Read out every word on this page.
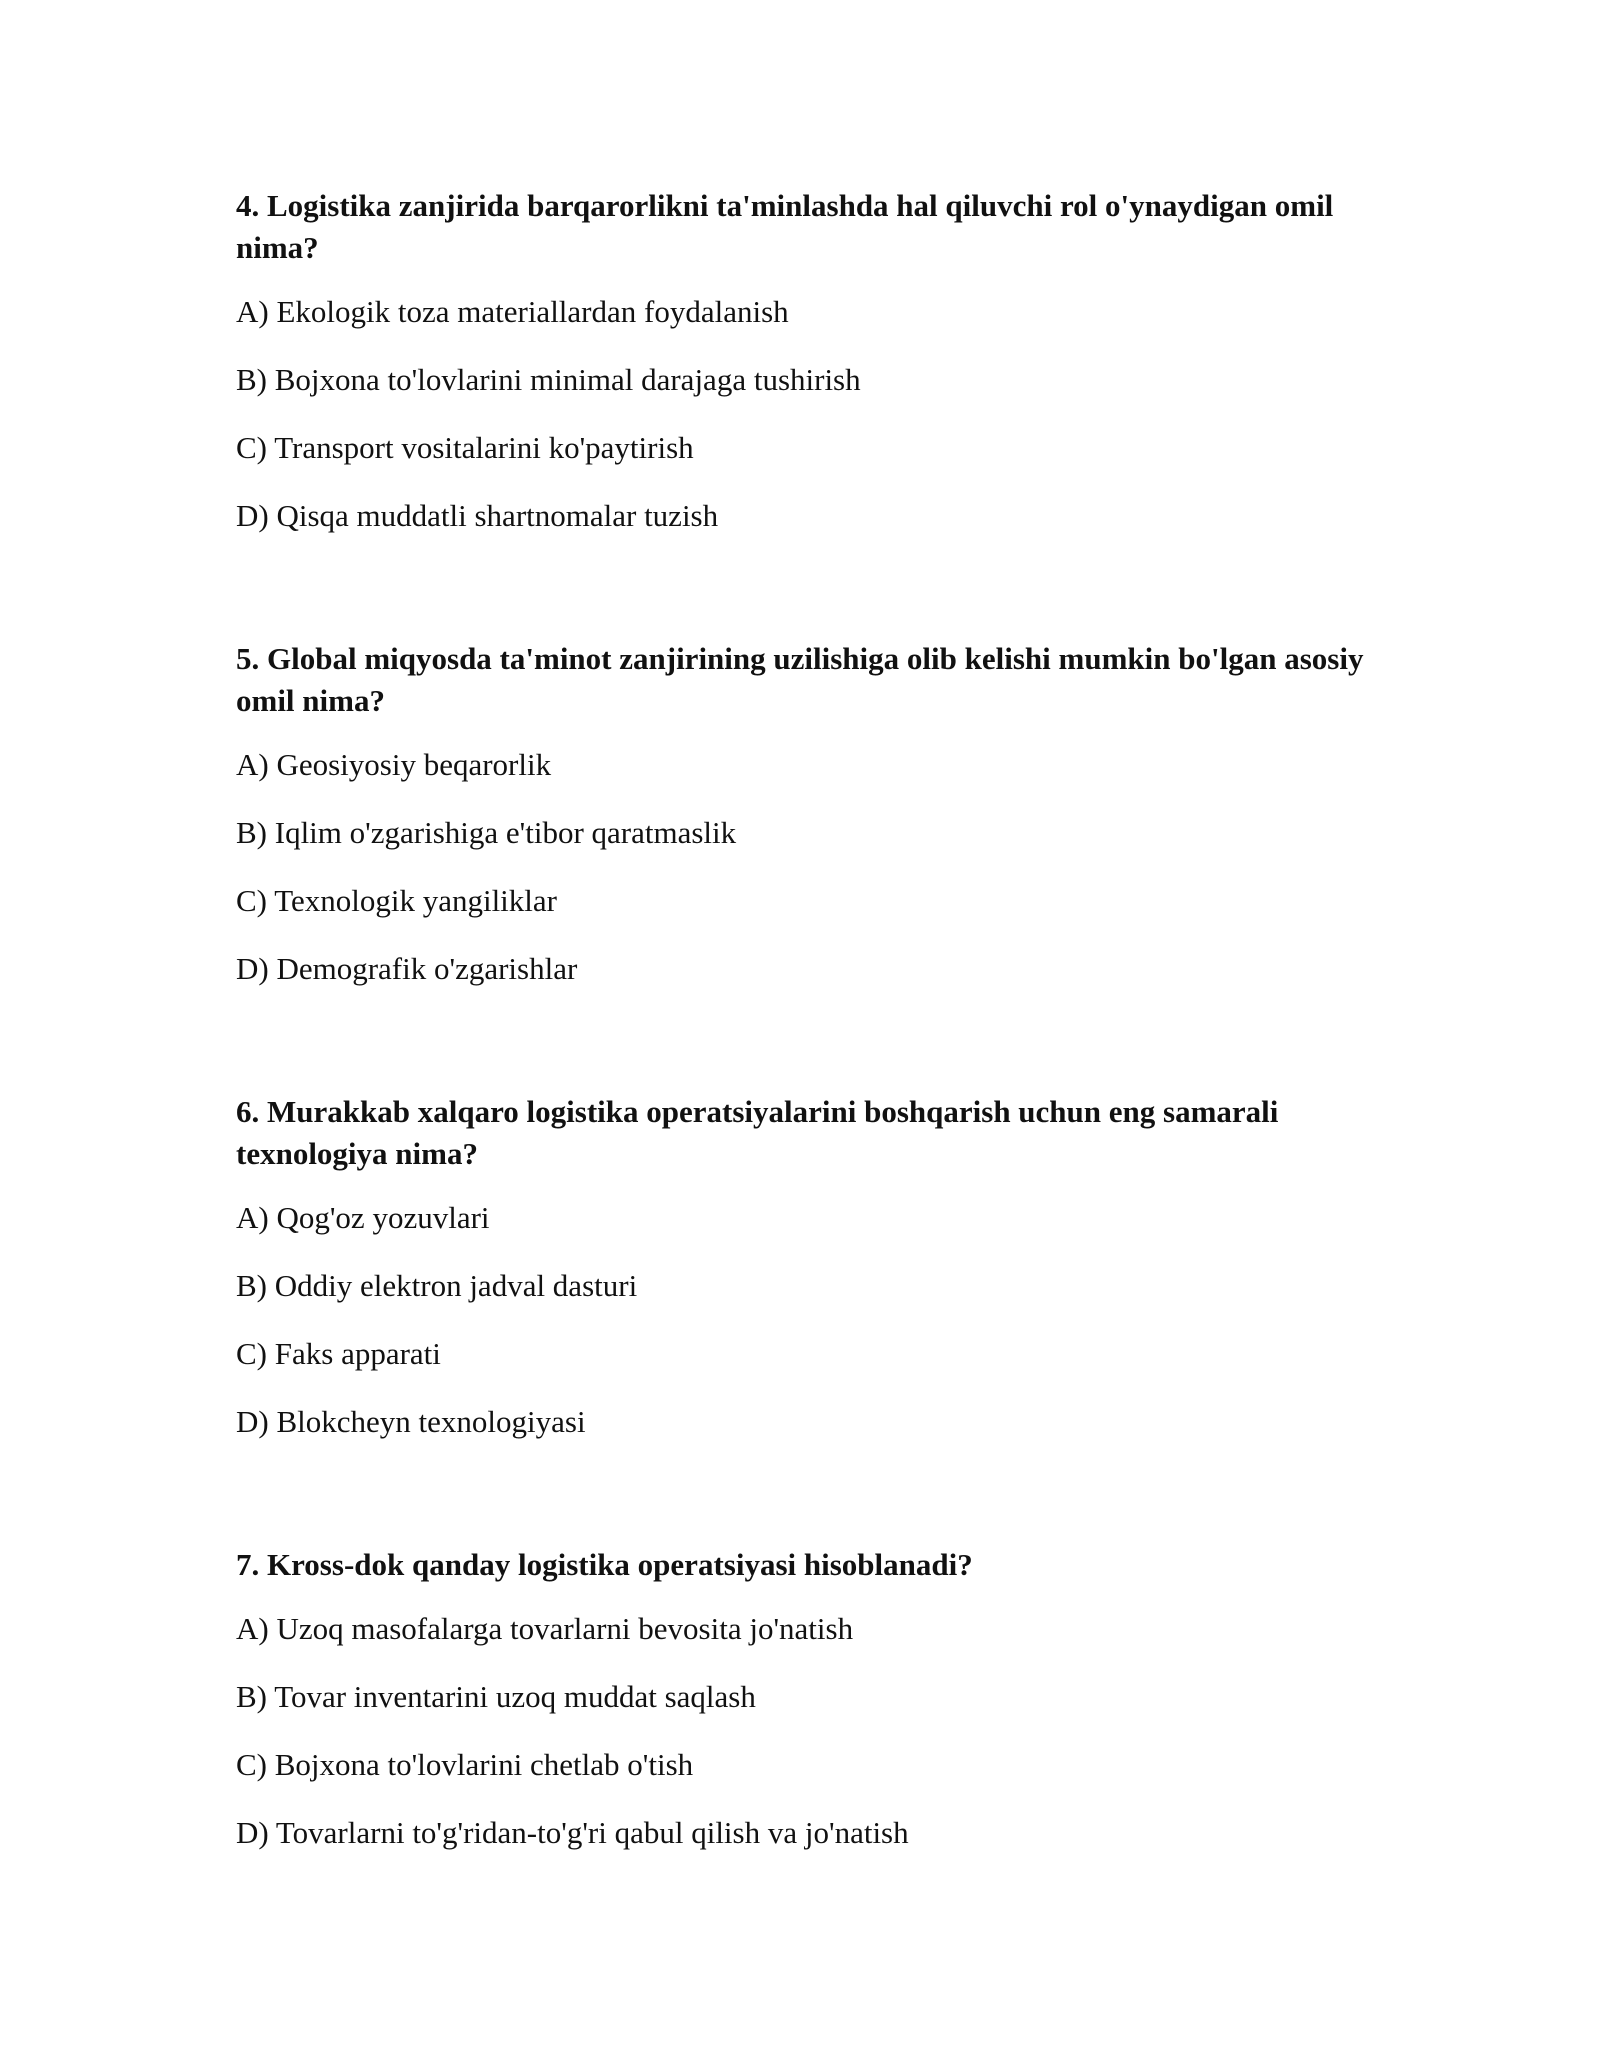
4. Logistika zanjirida barqarorlikni ta'minlashda hal qiluvchi rol o'ynaydigan omil nima?

A) Ekologik toza materiallardan foydalanish

B) Bojxona to'lovlarini minimal darajaga tushirish

C) Transport vositalarini ko'paytirish

D) Qisqa muddatli shartnomalar tuzish

5. Global miqyosda ta'minot zanjirining uzilishiga olib kelishi mumkin bo'lgan asosiy omil nima?

A) Geosiyosiy beqarorlik

B) Iqlim o'zgarishiga e'tibor qaratmaslik

C) Texnologik yangiliklar

D) Demografik o'zgarishlar

6. Murakkab xalqaro logistika operatsiyalarini boshqarish uchun eng samarali texnologiya nima?

A) Qog'oz yozuvlari

B) Oddiy elektron jadval dasturi

C) Faks apparati

D) Blokcheyn texnologiyasi

7. Kross-dok qanday logistika operatsiyasi hisoblanadi?

A) Uzoq masofalarga tovarlarni bevosita jo'natish

B) Tovar inventarini uzoq muddat saqlash

C) Bojxona to'lovlarini chetlab o'tish

D) Tovarlarni to'g'ridan-to'g'ri qabul qilish va jo'natish
